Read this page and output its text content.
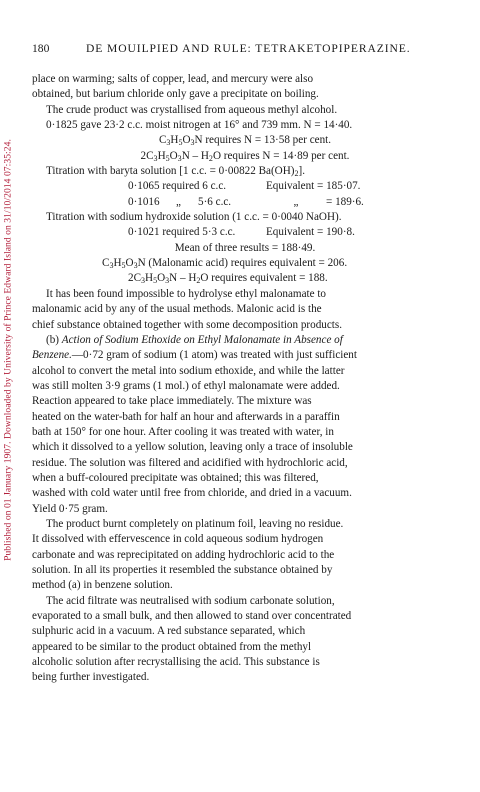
Published on 01 January 1907. Downloaded by University of Prince Edward Island on 31/10/2014 07:35:24.
180	DE MOUILPIED AND RULE: TETRAKETOPIPERAZINE.
place on warming; salts of copper, lead, and mercury were also
obtained, but barium chloride only gave a precipitate on boiling.
The crude product was crystallised from aqueous methyl alcohol.
0·1825 gave 23·2 c.c. moist nitrogen at 16° and 739 mm. N = 14·40.
$C_3H_5O_3N$ requires N = 13·58 per cent.
$2C_3H_5O_3N - H_2O$ requires N = 14·89 per cent.
Titration with baryta solution [1 c.c. = 0·00822 $Ba(OH)_2$].
0·1065 required 6 c.c.	Equivalent = 185·07.
0·1016 „ 5·6 c.c.	„ = 189·6.
Titration with sodium hydroxide solution (1 c.c. = 0·0040 NaOH).
0·1021 required 5·3 c.c.	Equivalent = 190·8.
Mean of three results = 188·49.
$C_3H_5O_3N$ (Malonamic acid) requires equivalent = 206.
$2C_3H_5O_3N - H_2O$ requires equivalent = 188.
It has been found impossible to hydrolyse ethyl malonamate to
malonamic acid by any of the usual methods. Malonic acid is the
chief substance obtained together with some decomposition products.
(b) Action of Sodium Ethoxide on Ethyl Malonamate in Absence of
Benzene.—0·72 gram of sodium (1 atom) was treated with just sufficient
alcohol to convert the metal into sodium ethoxide, and while the latter
was still molten 3·9 grams (1 mol.) of ethyl malonamate were added.
Reaction appeared to take place immediately. The mixture was
heated on the water-bath for half an hour and afterwards in a paraffin
bath at 150° for one hour. After cooling it was treated with water, in
which it dissolved to a yellow solution, leaving only a trace of insoluble
residue. The solution was filtered and acidified with hydrochloric acid,
when a buff-coloured precipitate was obtained; this was filtered,
washed with cold water until free from chloride, and dried in a vacuum.
Yield 0·75 gram.
The product burnt completely on platinum foil, leaving no residue.
It dissolved with effervescence in cold aqueous sodium hydrogen
carbonate and was reprecipitated on adding hydrochloric acid to the
solution. In all its properties it resembled the substance obtained by
method (a) in benzene solution.
The acid filtrate was neutralised with sodium carbonate solution,
evaporated to a small bulk, and then allowed to stand over concentrated
sulphuric acid in a vacuum. A red substance separated, which
appeared to be similar to the product obtained from the methyl
alcoholic solution after recrystallising the acid. This substance is
being further investigated.
